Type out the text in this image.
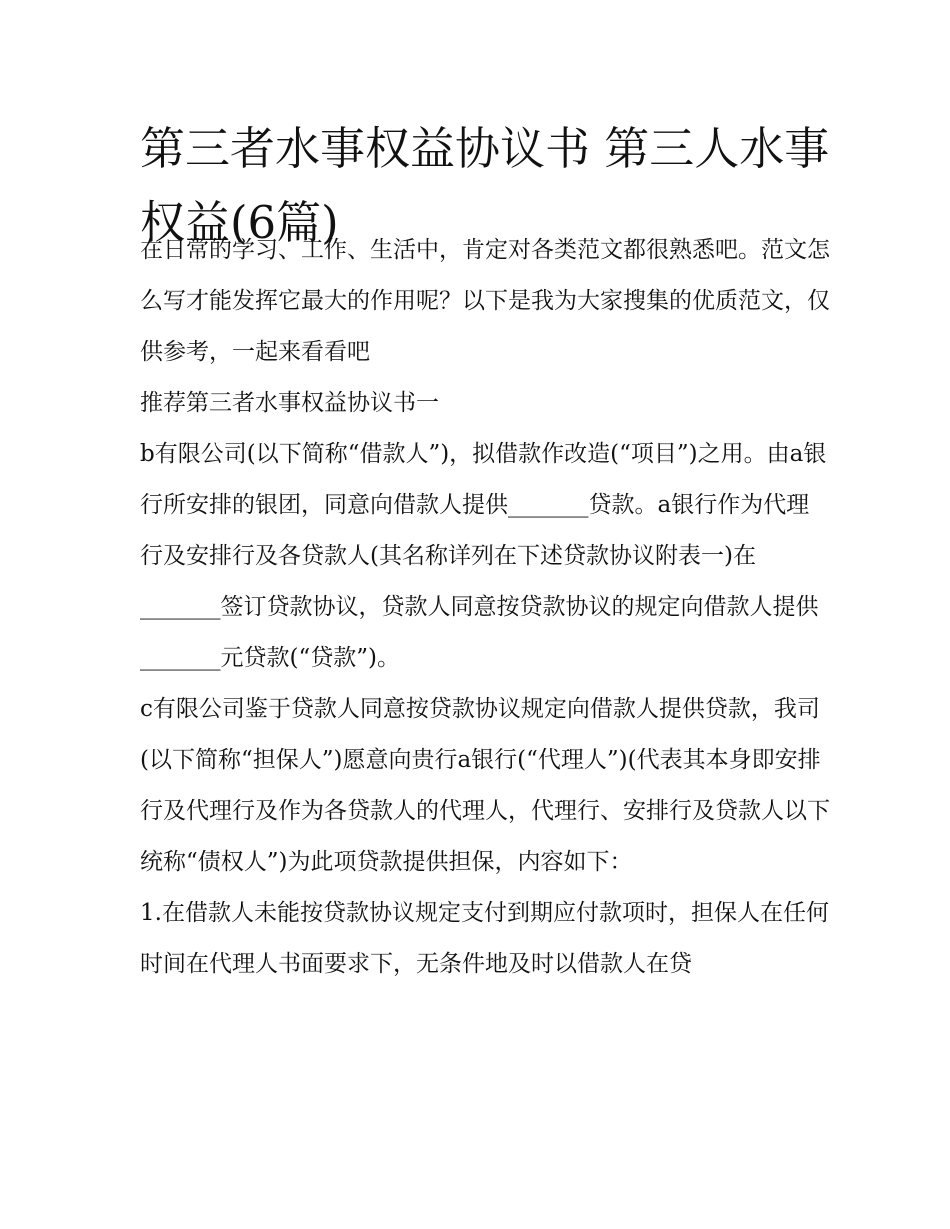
第三者水事权益协议书 第三人水事权益(6篇)

在日常的学习、工作、生活中，肯定对各类范文都很熟悉吧。范文怎么写才能发挥它最大的作用呢？以下是我为大家搜集的优质范文，仅供参考，一起来看看吧

推荐第三者水事权益协议书一

b有限公司(以下简称“借款人”)，拟借款作改造(“项目”)之用。由a银行所安排的银团，同意向借款人提供_______贷款。a银行作为代理行及安排行及各贷款人(其名称详列在下述贷款协议附表一)在_______签订贷款协议，贷款人同意按贷款协议的规定向借款人提供_______元贷款(“贷款”)。

c有限公司鉴于贷款人同意按贷款协议规定向借款人提供贷款，我司(以下简称“担保人”)愿意向贵行a银行(“代理人”)(代表其本身即安排行及代理行及作为各贷款人的代理人，代理行、安排行及贷款人以下统称“债权人”)为此项贷款提供担保，内容如下：

1.在借款人未能按贷款协议规定支付到期应付款项时，担保人在任何时间在代理人书面要求下，无条件地及时以借款人在贷
